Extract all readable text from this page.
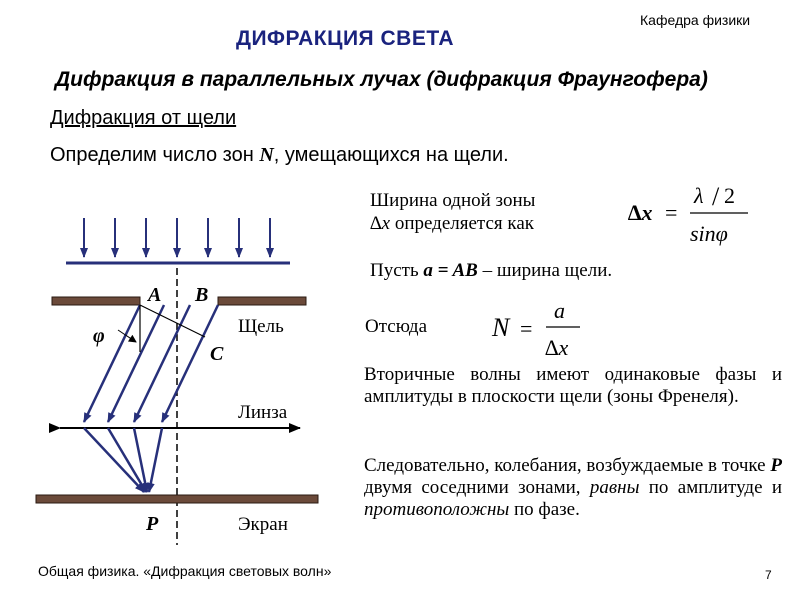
Кафедра физики
ДИФРАКЦИЯ СВЕТА
Дифракция в параллельных лучах (дифракция Фраунгофера)
Дифракция от щели
Определим число зон N, умещающихся на щели.
Ширина одной зоны
∆x определяется как
Пусть a = AB – ширина щели.
Отсюда
Вторичные волны имеют одинаковые фазы и амплитуды в плоскости щели (зоны Френеля).
Следовательно, колебания, возбуждаемые в точке P двумя соседними зонами, равны по амплитуде и противоположны по фазе.
Общая физика. «Дифракция световых волн»	7
A B
C
φ	Щель
Линза
Экран
P
∆x =
λ / 2
sinφ
N =
a
∆x
